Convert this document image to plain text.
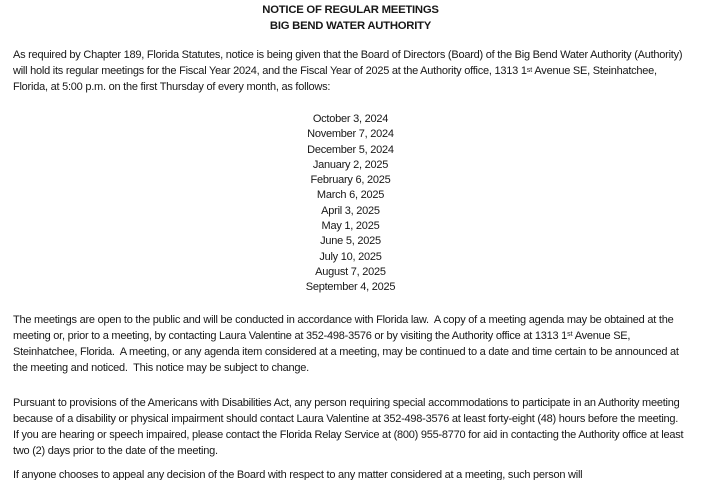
NOTICE OF REGULAR MEETINGS
BIG BEND WATER AUTHORITY

As required by Chapter 189, Florida Statutes, notice is being given that the Board of Directors (Board) of the Big Bend Water Authority (Authority) will hold its regular meetings for the Fiscal Year 2024, and the Fiscal Year of 2025 at the Authority office, 1313 1st Avenue SE, Steinhatchee, Florida, at 5:00 p.m. on the first Thursday of every month, as follows:

October 3, 2024
November 7, 2024
December 5, 2024
January 2, 2025
February 6, 2025
March 6, 2025
April 3, 2025
May 1, 2025
June 5, 2025
July 10, 2025
August 7, 2025
September 4, 2025

The meetings are open to the public and will be conducted in accordance with Florida law.  A copy of a meeting agenda may be obtained at the meeting or, prior to a meeting, by contacting Laura Valentine at 352-498-3576 or by visiting the Authority office at 1313 1st Avenue SE, Steinhatchee, Florida.  A meeting, or any agenda item considered at a meeting, may be continued to a date and time certain to be announced at the meeting and noticed.  This notice may be subject to change.

Pursuant to provisions of the Americans with Disabilities Act, any person requiring special accommodations to participate in an Authority meeting because of a disability or physical impairment should contact Laura Valentine at 352-498-3576 at least forty-eight (48) hours before the meeting.  If you are hearing or speech impaired, please contact the Florida Relay Service at (800) 955-8770 for aid in contacting the Authority office at least two (2) days prior to the date of the meeting.

If anyone chooses to appeal any decision of the Board with respect to any matter considered at a meeting, such person will
